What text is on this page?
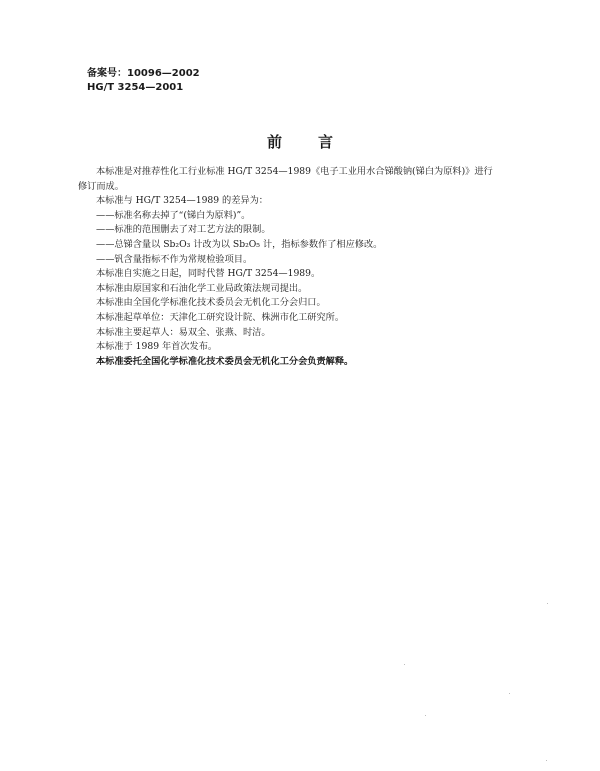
备案号：10096—2002
HG/T 3254—2001
前言

本标准是对推荐性化工行业标准 HG/T 3254—1989《电子工业用水合锑酸钠(锑白为原料)》进行

修订而成。

本标准与 HG/T 3254—1989 的差异为：

——标准名称去掉了“(锑白为原料)”。

——标准的范围删去了对工艺方法的限制。

——总锑含量以 Sb₂O₃ 计改为以 Sb₂O₅ 计，指标参数作了相应修改。

——钒含量指标不作为常规检验项目。

本标准自实施之日起，同时代替 HG/T 3254—1989。

本标准由原国家和石油化学工业局政策法规司提出。

本标准由全国化学标准化技术委员会无机化工分会归口。

本标准起草单位：天津化工研究设计院、株洲市化工研究所。

本标准主要起草人：易双全、张燕、时洁。

本标准于 1989 年首次发布。

本标准委托全国化学标准化技术委员会无机化工分会负责解释。
